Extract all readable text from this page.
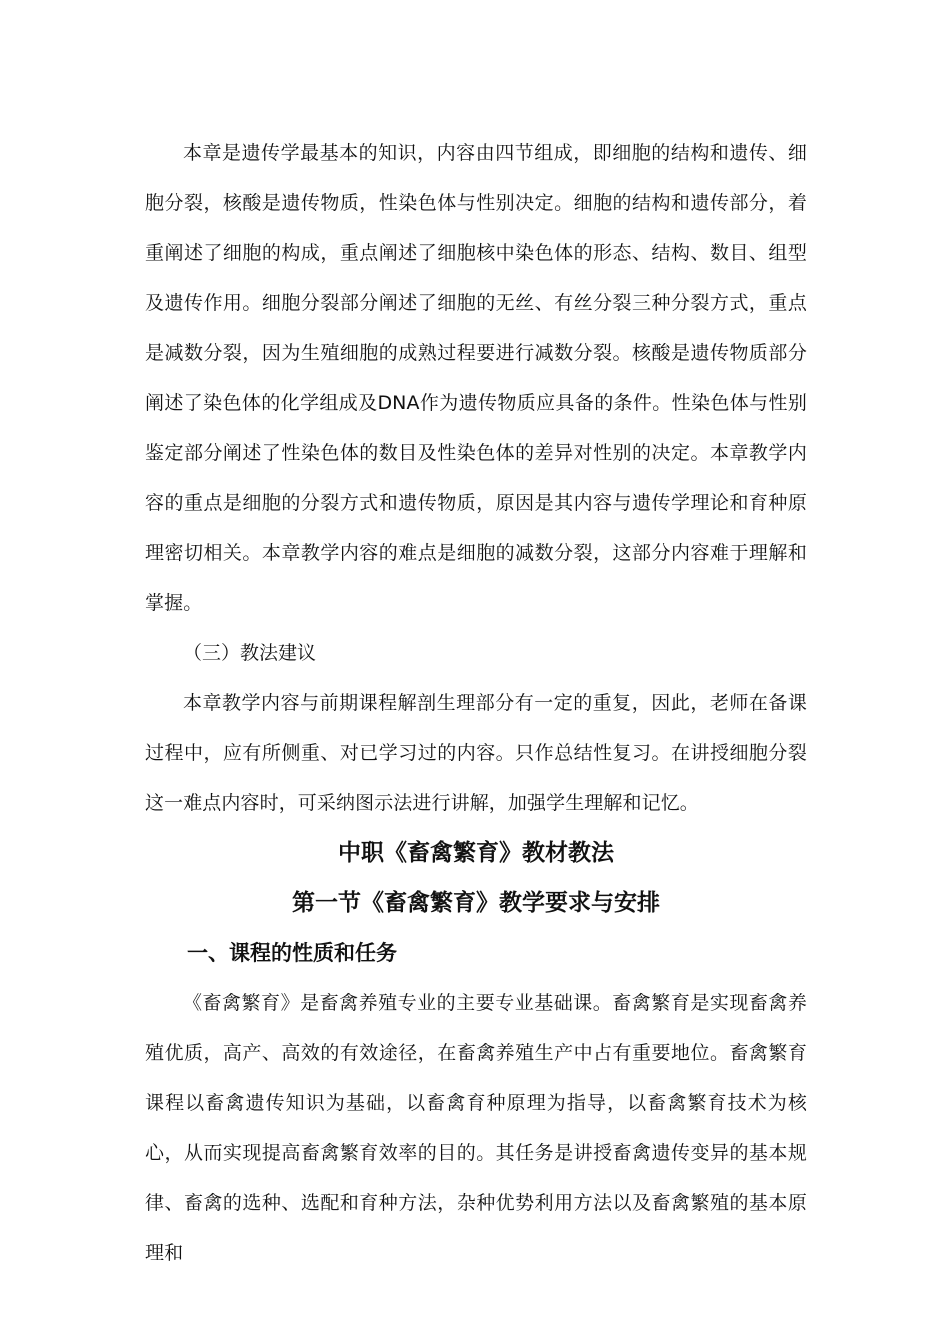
本章是遗传学最基本的知识，内容由四节组成，即细胞的结构和遗传、细胞分裂，核酸是遗传物质，性染色体与性别决定。细胞的结构和遗传部分，着重阐述了细胞的构成，重点阐述了细胞核中染色体的形态、结构、数目、组型及遗传作用。细胞分裂部分阐述了细胞的无丝、有丝分裂三种分裂方式，重点是减数分裂，因为生殖细胞的成熟过程要进行减数分裂。核酸是遗传物质部分阐述了染色体的化学组成及DNA作为遗传物质应具备的条件。性染色体与性别鉴定部分阐述了性染色体的数目及性染色体的差异对性别的决定。本章教学内容的重点是细胞的分裂方式和遗传物质，原因是其内容与遗传学理论和育种原理密切相关。本章教学内容的难点是细胞的减数分裂，这部分内容难于理解和掌握。

（三）教法建议

本章教学内容与前期课程解剖生理部分有一定的重复，因此，老师在备课过程中，应有所侧重、对已学习过的内容。只作总结性复习。在讲授细胞分裂这一难点内容时，可采纳图示法进行讲解，加强学生理解和记忆。

中职《畜禽繁育》教材教法
第一节《畜禽繁育》教学要求与安排
一、课程的性质和任务

《畜禽繁育》是畜禽养殖专业的主要专业基础课。畜禽繁育是实现畜禽养殖优质，高产、高效的有效途径，在畜禽养殖生产中占有重要地位。畜禽繁育课程以畜禽遗传知识为基础，以畜禽育种原理为指导，以畜禽繁育技术为核心，从而实现提高畜禽繁育效率的目的。其任务是讲授畜禽遗传变异的基本规律、畜禽的选种、选配和育种方法，杂种优势利用方法以及畜禽繁殖的基本原理和
